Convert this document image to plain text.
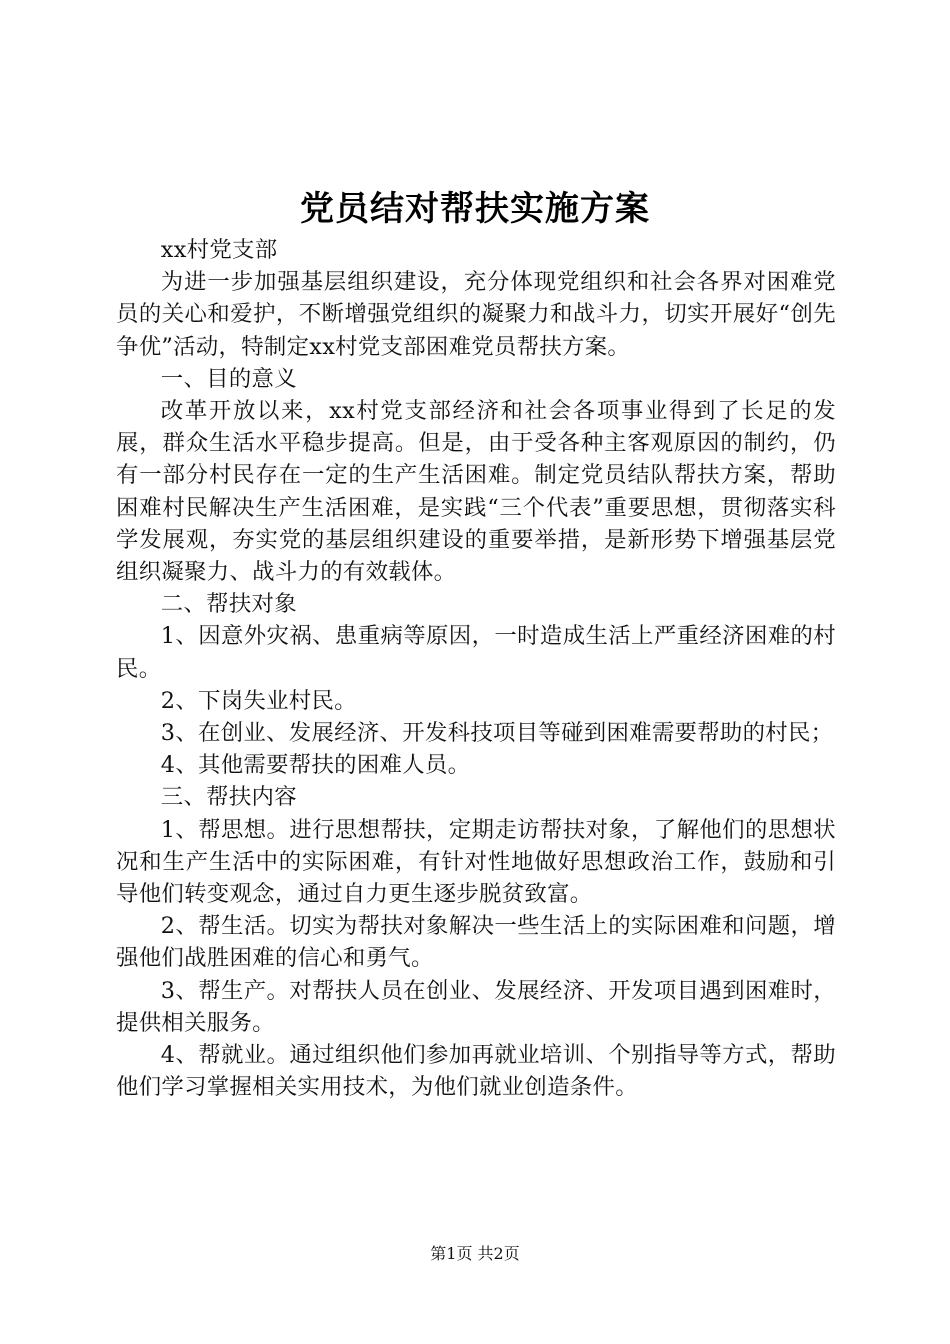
党员结对帮扶实施方案

xx村党支部

为进一步加强基层组织建设，充分体现党组织和社会各界对困难党员的关心和爱护，不断增强党组织的凝聚力和战斗力，切实开展好“创先争优”活动，特制定xx村党支部困难党员帮扶方案。

一、目的意义

改革开放以来，xx村党支部经济和社会各项事业得到了长足的发展，群众生活水平稳步提高。但是，由于受各种主客观原因的制约，仍有一部分村民存在一定的生产生活困难。制定党员结队帮扶方案，帮助困难村民解决生产生活困难，是实践“三个代表”重要思想，贯彻落实科学发展观，夯实党的基层组织建设的重要举措，是新形势下增强基层党组织凝聚力、战斗力的有效载体。

二、帮扶对象

1、因意外灾祸、患重病等原因，一时造成生活上严重经济困难的村民。

2、下岗失业村民。

3、在创业、发展经济、开发科技项目等碰到困难需要帮助的村民；

4、其他需要帮扶的困难人员。

三、帮扶内容

1、帮思想。进行思想帮扶，定期走访帮扶对象，了解他们的思想状况和生产生活中的实际困难，有针对性地做好思想政治工作，鼓励和引导他们转变观念，通过自力更生逐步脱贫致富。

2、帮生活。切实为帮扶对象解决一些生活上的实际困难和问题，增强他们战胜困难的信心和勇气。

3、帮生产。对帮扶人员在创业、发展经济、开发项目遇到困难时，提供相关服务。

4、帮就业。通过组织他们参加再就业培训、个别指导等方式，帮助他们学习掌握相关实用技术，为他们就业创造条件。

第1页 共2页
